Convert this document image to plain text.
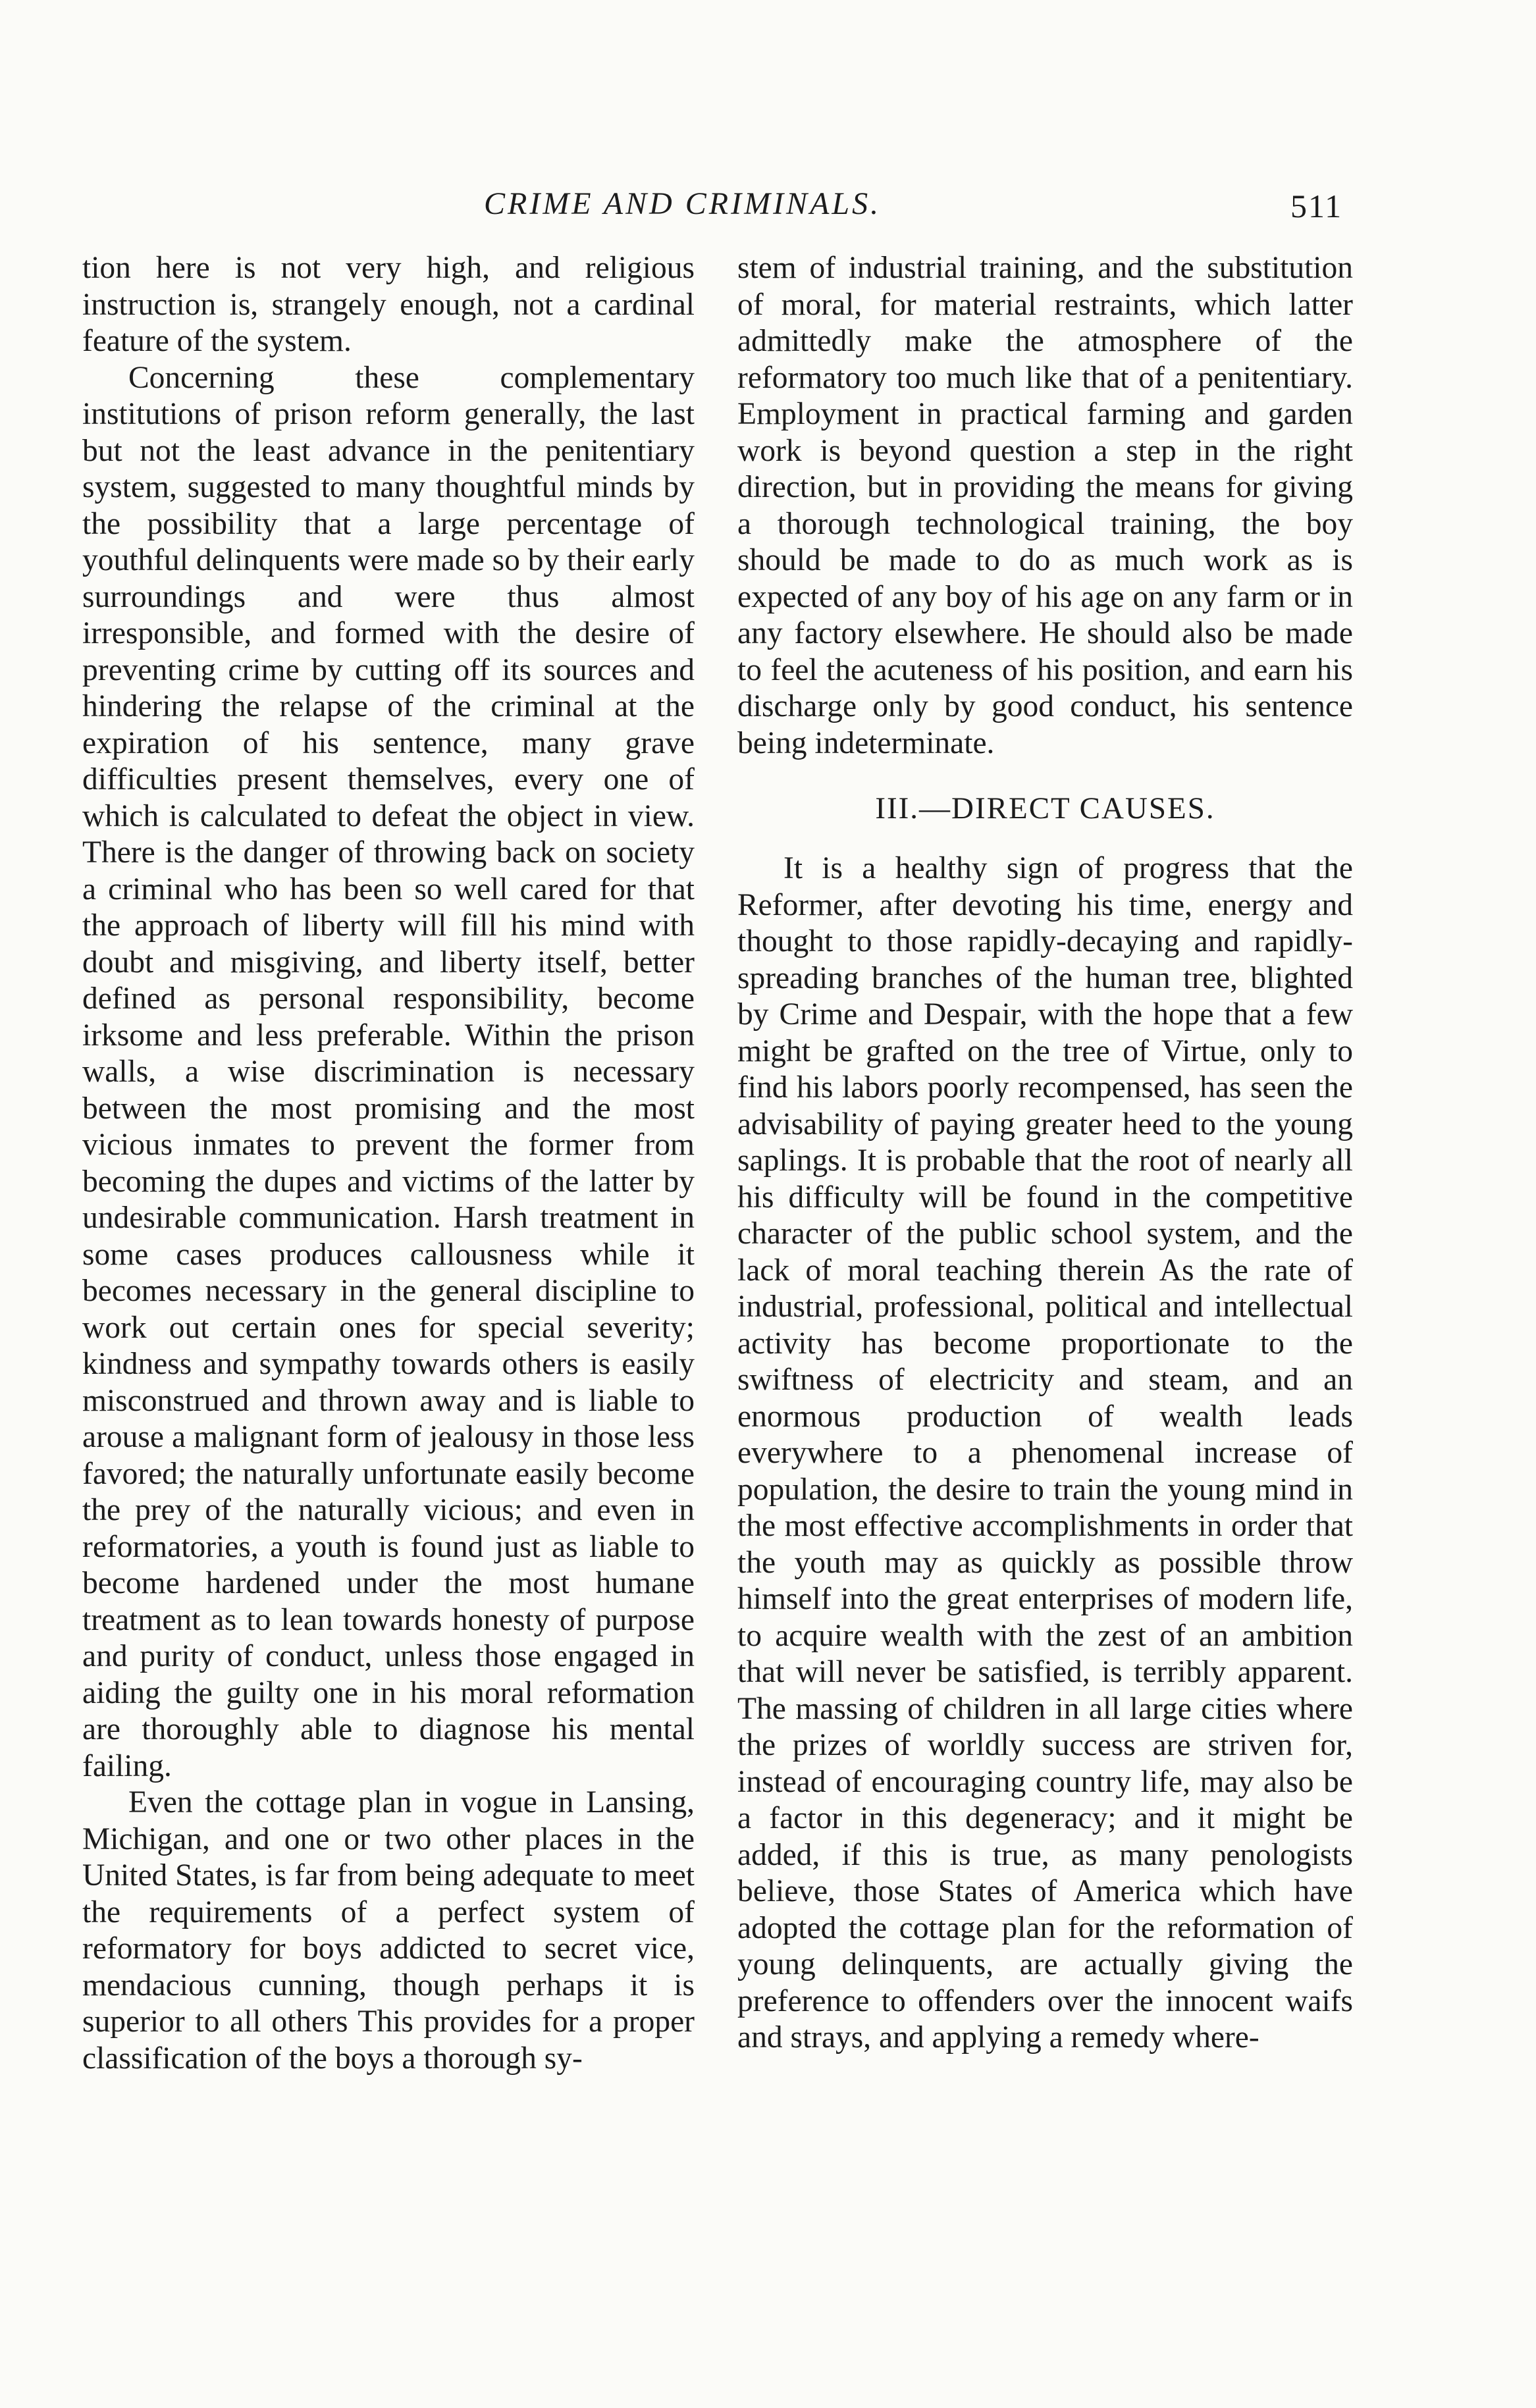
CRIME AND CRIMINALS.	511

tion here is not very high, and religious instruction is, strangely enough, not a cardinal feature of the system.

Concerning these complementary institutions of prison reform generally, the last but not the least advance in the penitentiary system, suggested to many thoughtful minds by the possibility that a large percentage of youthful delinquents were made so by their early surroundings and were thus almost irresponsible, and formed with the desire of preventing crime by cutting off its sources and hindering the relapse of the criminal at the expiration of his sentence, many grave difficulties present themselves, every one of which is calculated to defeat the object in view. There is the danger of throwing back on society a criminal who has been so well cared for that the approach of liberty will fill his mind with doubt and misgiving, and liberty itself, better defined as personal responsibility, become irksome and less preferable. Within the prison walls, a wise discrimination is necessary between the most promising and the most vicious inmates to prevent the former from becoming the dupes and victims of the latter by undesirable communication. Harsh treatment in some cases produces callousness while it becomes necessary in the general discipline to work out certain ones for special severity; kindness and sympathy towards others is easily misconstrued and thrown away and is liable to arouse a malignant form of jealousy in those less favored; the naturally unfortunate easily become the prey of the naturally vicious; and even in reformatories, a youth is found just as liable to become hardened under the most humane treatment as to lean towards honesty of purpose and purity of conduct, unless those engaged in aiding the guilty one in his moral reformation are thoroughly able to diagnose his mental failing.

Even the cottage plan in vogue in Lansing, Michigan, and one or two other places in the United States, is far from being adequate to meet the requirements of a perfect system of reformatory for boys addicted to secret vice, mendacious cunning, though perhaps it is superior to all others This provides for a proper classification of the boys a thorough sy-

stem of industrial training, and the substitution of moral, for material restraints, which latter admittedly make the atmosphere of the reformatory too much like that of a penitentiary. Employment in practical farming and garden work is beyond question a step in the right direction, but in providing the means for giving a thorough technological training, the boy should be made to do as much work as is expected of any boy of his age on any farm or in any factory elsewhere. He should also be made to feel the acuteness of his position, and earn his discharge only by good conduct, his sentence being indeterminate.

III.—DIRECT CAUSES.

It is a healthy sign of progress that the Reformer, after devoting his time, energy and thought to those rapidly-decaying and rapidly-spreading branches of the human tree, blighted by Crime and Despair, with the hope that a few might be grafted on the tree of Virtue, only to find his labors poorly recompensed, has seen the advisability of paying greater heed to the young saplings. It is probable that the root of nearly all his difficulty will be found in the competitive character of the public school system, and the lack of moral teaching therein As the rate of industrial, professional, political and intellectual activity has become proportionate to the swiftness of electricity and steam, and an enormous production of wealth leads everywhere to a phenomenal increase of population, the desire to train the young mind in the most effective accomplishments in order that the youth may as quickly as possible throw himself into the great enterprises of modern life, to acquire wealth with the zest of an ambition that will never be satisfied, is terribly apparent. The massing of children in all large cities where the prizes of worldly success are striven for, instead of encouraging country life, may also be a factor in this degeneracy; and it might be added, if this is true, as many penologists believe, those States of America which have adopted the cottage plan for the reformation of young delinquents, are actually giving the preference to offenders over the innocent waifs and strays, and applying a remedy where-
